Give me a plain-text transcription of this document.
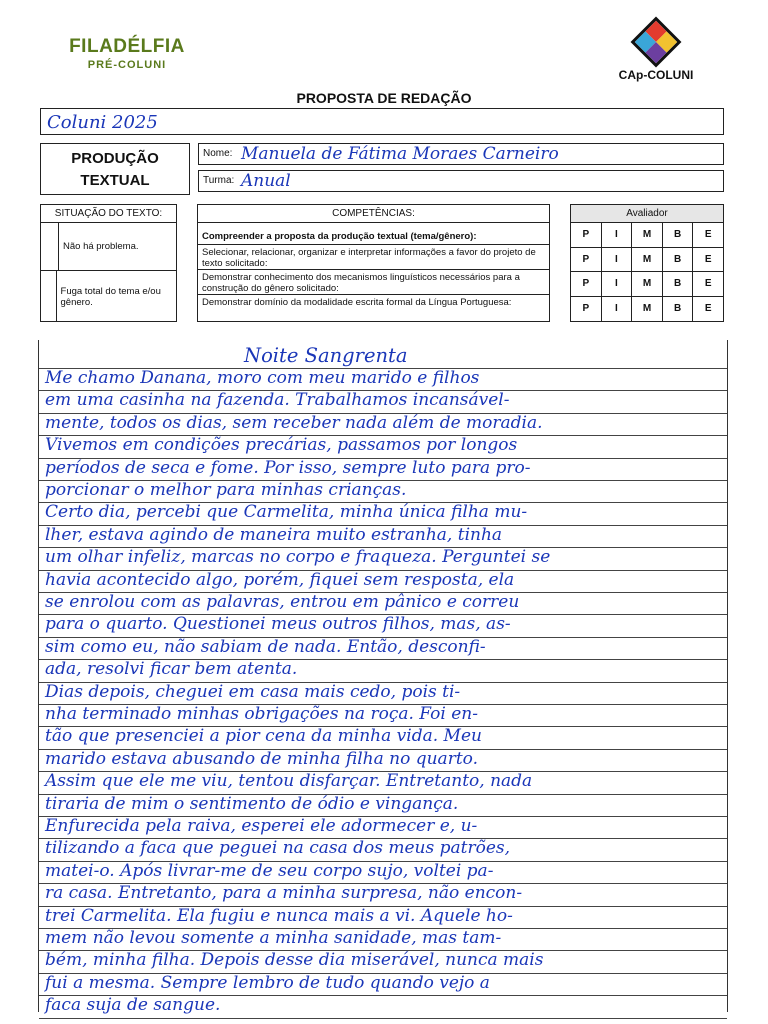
FILADÉLFIA
PRÉ-COLUNI
CAp-COLUNI
PROPOSTA DE REDAÇÃO
Coluni 2025
PRODUÇÃO TEXTUAL
Nome: Manuela de Fátima Moraes Carneiro
Turma: Anual
SITUAÇÃO DO TEXTO:
Não há problema.
Fuga total do tema e/ou gênero.
COMPETÊNCIAS:
Compreender a proposta da produção textual (tema/gênero):
Selecionar, relacionar, organizar e interpretar informações a favor do projeto de texto solicitado:
Demonstrar conhecimento dos mecanismos linguísticos necessários para a construção do gênero solicitado:
Demonstrar domínio da modalidade escrita formal da Língua Portuguesa:
Avaliador
P	I	M	B	E
P	I	M	B	E
P	I	M	B	E
P	I	M	B	E
Noite Sangrenta
Me chamo Danana, moro com meu marido e filhos
em uma casinha na fazenda. Trabalhamos incansável-
mente, todos os dias, sem receber nada além de moradia.
Vivemos em condições precárias, passamos por longos
períodos de seca e fome. Por isso, sempre luto para pro-
porcionar o melhor para minhas crianças.
Certo dia, percebi que Carmelita, minha única filha mu-
lher, estava agindo de maneira muito estranha, tinha
um olhar infeliz, marcas no corpo e fraqueza. Perguntei se
havia acontecido algo, porém, fiquei sem resposta, ela
se enrolou com as palavras, entrou em pânico e correu
para o quarto. Questionei meus outros filhos, mas, as-
sim como eu, não sabiam de nada. Então, desconfi-
ada, resolvi ficar bem atenta.
Dias depois, cheguei em casa mais cedo, pois ti-
nha terminado minhas obrigações na roça. Foi en-
tão que presenciei a pior cena da minha vida. Meu
marido estava abusando de minha filha no quarto.
Assim que ele me viu, tentou disfarçar. Entretanto, nada
tiraria de mim o sentimento de ódio e vingança.
Enfurecida pela raiva, esperei ele adormecer e, u-
tilizando a faca que peguei na casa dos meus patrões,
matei-o. Após livrar-me de seu corpo sujo, voltei pa-
ra casa. Entretanto, para a minha surpresa, não encon-
trei Carmelita. Ela fugiu e nunca mais a vi. Aquele ho-
mem não levou somente a minha sanidade, mas tam-
bém, minha filha. Depois desse dia miserável, nunca mais
fui a mesma. Sempre lembro de tudo quando vejo a
faca suja de sangue.
